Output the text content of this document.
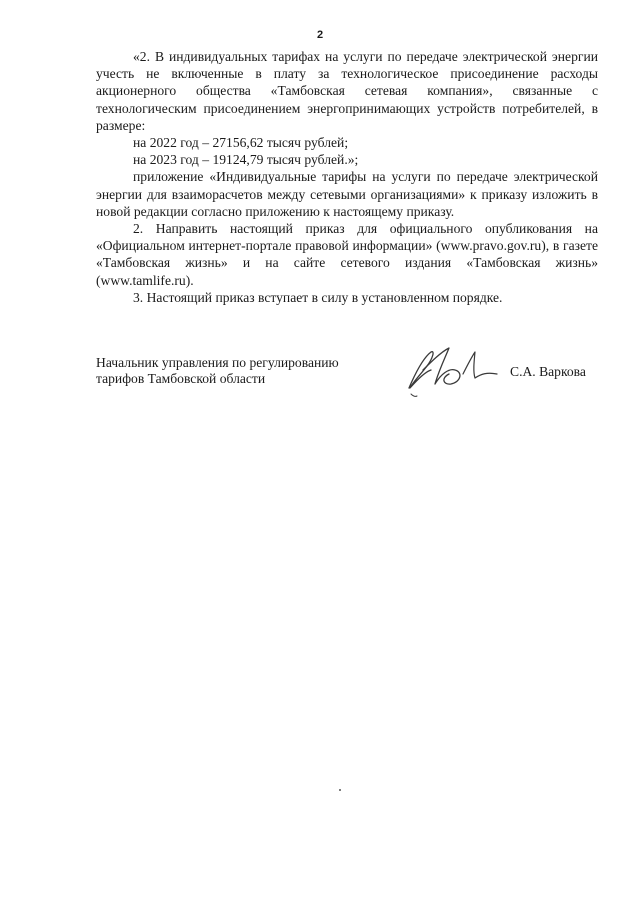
2

«2. В индивидуальных тарифах на услуги по передаче электрической энергии учесть не включенные в плату за технологическое присоединение расходы акционерного общества «Тамбовская сетевая компания», связанные с технологическим присоединением энергопринимающих устройств потребителей, в размере:

на 2022 год – 27156,62 тысяч рублей;

на 2023 год – 19124,79 тысяч рублей.»;

приложение «Индивидуальные тарифы на услуги по передаче электрической энергии для взаиморасчетов между сетевыми организациями» к приказу изложить в новой редакции согласно приложению к настоящему приказу.

2. Направить настоящий приказ для официального опубликования на «Официальном интернет-портале правовой информации» (www.pravo.gov.ru), в газете «Тамбовская жизнь» и на сайте сетевого издания «Тамбовская жизнь» (www.tamlife.ru).

3. Настоящий приказ вступает в силу в установленном порядке.

Начальник управления по регулированию
тарифов Тамбовской области	С.А. Варкова
